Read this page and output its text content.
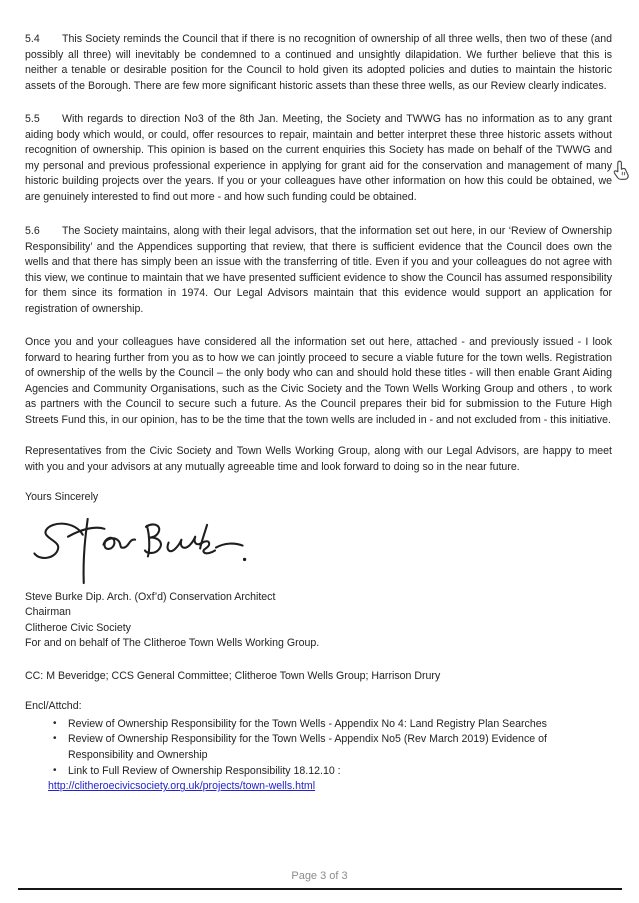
5.4 This Society reminds the Council that if there is no recognition of ownership of all three wells, then two of these (and possibly all three) will inevitably be condemned to a continued and unsightly dilapidation. We further believe that this is neither a tenable or desirable position for the Council to hold given its adopted policies and duties to maintain the historic assets of the Borough. There are few more significant historic assets than these three wells, as our Review clearly indicates.

5.5 With regards to direction No3 of the 8th Jan. Meeting, the Society and TWWG has no information as to any grant aiding body which would, or could, offer resources to repair, maintain and better interpret these three historic assets without recognition of ownership. This opinion is based on the current enquiries this Society has made on behalf of the TWWG and my personal and previous professional experience in applying for grant aid for the conservation and management of many historic building projects over the years. If you or your colleagues have other information on how this could be obtained, we are genuinely interested to find out more - and how such funding could be obtained.

5.6 The Society maintains, along with their legal advisors, that the information set out here, in our ‘Review of Ownership Responsibility’ and the Appendices supporting that review, that there is sufficient evidence that the Council does own the wells and that there has simply been an issue with the transferring of title. Even if you and your colleagues do not agree with this view, we continue to maintain that we have presented sufficient evidence to show the Council has assumed responsibility for them since its formation in 1974. Our Legal Advisors maintain that this evidence would support an application for registration of ownership.

Once you and your colleagues have considered all the information set out here, attached - and previously issued - I look forward to hearing further from you as to how we can jointly proceed to secure a viable future for the town wells. Registration of ownership of the wells by the Council – the only body who can and should hold these titles - will then enable Grant Aiding Agencies and Community Organisations, such as the Civic Society and the Town Wells Working Group and others , to work as partners with the Council to secure such a future. As the Council prepares their bid for submission to the Future High Streets Fund this, in our opinion, has to be the time that the town wells are included in - and not excluded from - this initiative.

Representatives from the Civic Society and Town Wells Working Group, along with our Legal Advisors, are happy to meet with you and your advisors at any mutually agreeable time and look forward to doing so in the near future.

Yours Sincerely

Steve Burke Dip. Arch. (Oxf’d) Conservation Architect
Chairman
Clitheroe Civic Society
For and on behalf of The Clitheroe Town Wells Working Group.

CC: M Beveridge; CCS General Committee; Clitheroe Town Wells Group; Harrison Drury

Encl/Attchd:

• Review of Ownership Responsibility for the Town Wells - Appendix No 4: Land Registry Plan Searches
• Review of Ownership Responsibility for the Town Wells - Appendix No5 (Rev March 2019) Evidence of Responsibility and Ownership
• Link to Full Review of Ownership Responsibility 18.12.10 :
http://clitheroecivicsociety.org.uk/projects/town-wells.html
Page 3 of 3
